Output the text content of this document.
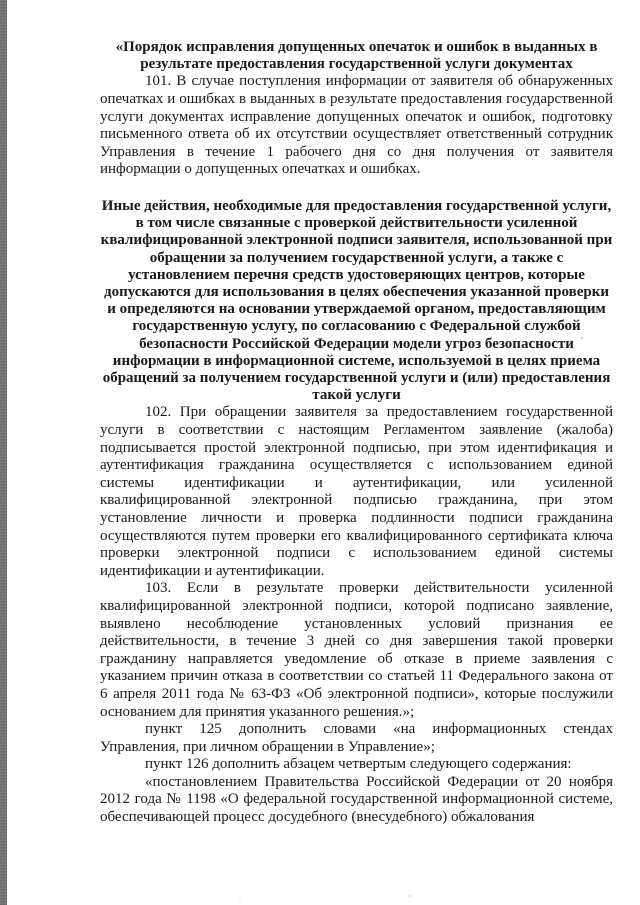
«Порядок исправления допущенных опечаток и ошибок в выданных в результате предоставления государственной услуги документах

101. В случае поступления информации от заявителя об обнаруженных опечатках и ошибках в выданных в результате предоставления государственной услуги документах исправление допущенных опечаток и ошибок, подготовку письменного ответа об их отсутствии осуществляет ответственный сотрудник Управления в течение 1 рабочего дня со дня получения от заявителя информации о допущенных опечатках и ошибках.

Иные действия, необходимые для предоставления государственной услуги, в том числе связанные с проверкой действительности усиленной квалифицированной электронной подписи заявителя, использованной при обращении за получением государственной услуги, а также с установлением перечня средств удостоверяющих центров, которые допускаются для использования в целях обеспечения указанной проверки и определяются на основании утверждаемой органом, предоставляющим государственную услугу, по согласованию с Федеральной службой безопасности Российской Федерации модели угроз безопасности информации в информационной системе, используемой в целях приема обращений за получением государственной услуги и (или) предоставления такой услуги

102. При обращении заявителя за предоставлением государственной услуги в соответствии с настоящим Регламентом заявление (жалоба) подписывается простой электронной подписью, при этом идентификация и аутентификация гражданина осуществляется с использованием единой системы идентификации и аутентификации, или усиленной квалифицированной электронной подписью гражданина, при этом установление личности и проверка подлинности подписи гражданина осуществляются путем проверки его квалифицированного сертификата ключа проверки электронной подписи с использованием единой системы идентификации и аутентификации.

103. Если в результате проверки действительности усиленной квалифицированной электронной подписи, которой подписано заявление, выявлено несоблюдение установленных условий признания ее действительности, в течение 3 дней со дня завершения такой проверки гражданину направляется уведомление об отказе в приеме заявления с указанием причин отказа в соответствии со статьей 11 Федерального закона от 6 апреля 2011 года № 63-ФЗ «Об электронной подписи», которые послужили основанием для принятия указанного решения.»;

пункт 125 дополнить словами «на информационных стендах Управления, при личном обращении в Управление»;

пункт 126 дополнить абзацем четвертым следующего содержания:

«постановлением Правительства Российской Федерации от 20 ноября 2012 года № 1198 «О федеральной государственной информационной системе, обеспечивающей процесс досудебного (внесудебного) обжалования
